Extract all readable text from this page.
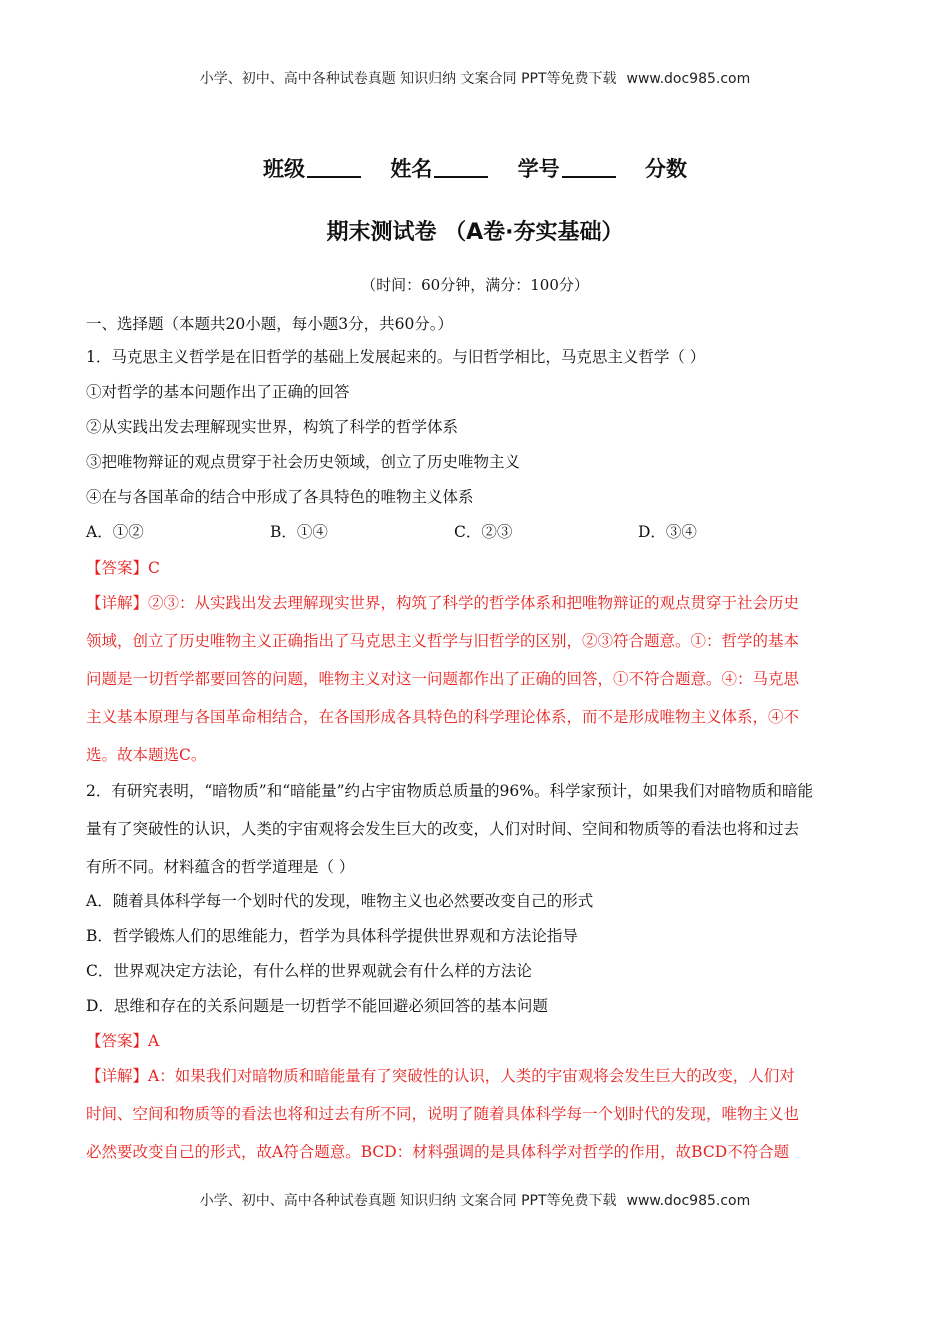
小学、初中、高中各种试卷真题 知识归纳 文案合同 PPT等免费下载 www.doc985.com
班级	姓名	学号	分数
期末测试卷 （A卷·夯实基础）
（时间：60分钟，满分：100分）
一、选择题（本题共20小题，每小题3分，共60分。）
1．马克思主义哲学是在旧哲学的基础上发展起来的。与旧哲学相比，马克思主义哲学（ ）
①对哲学的基本问题作出了正确的回答
②从实践出发去理解现实世界，构筑了科学的哲学体系
③把唯物辩证的观点贯穿于社会历史领域，创立了历史唯物主义
④在与各国革命的结合中形成了各具特色的唯物主义体系
A．①②	B．①④	C．②③	D．③④
【答案】C
【详解】②③：从实践出发去理解现实世界，构筑了科学的哲学体系和把唯物辩证的观点贯穿于社会历史
领域，创立了历史唯物主义正确指出了马克思主义哲学与旧哲学的区别，②③符合题意。①：哲学的基本
问题是一切哲学都要回答的问题，唯物主义对这一问题都作出了正确的回答，①不符合题意。④：马克思
主义基本原理与各国革命相结合，在各国形成各具特色的科学理论体系，而不是形成唯物主义体系，④不
选。故本题选C。
2．有研究表明，“暗物质”和“暗能量”约占宇宙物质总质量的96%。科学家预计，如果我们对暗物质和暗能
量有了突破性的认识，人类的宇宙观将会发生巨大的改变，人们对时间、空间和物质等的看法也将和过去
有所不同。材料蕴含的哲学道理是（ ）
A．随着具体科学每一个划时代的发现，唯物主义也必然要改变自己的形式
B．哲学锻炼人们的思维能力，哲学为具体科学提供世界观和方法论指导
C．世界观决定方法论，有什么样的世界观就会有什么样的方法论
D．思维和存在的关系问题是一切哲学不能回避必须回答的基本问题
【答案】A
【详解】A：如果我们对暗物质和暗能量有了突破性的认识，人类的宇宙观将会发生巨大的改变，人们对
时间、空间和物质等的看法也将和过去有所不同，说明了随着具体科学每一个划时代的发现，唯物主义也
必然要改变自己的形式，故A符合题意。BCD：材料强调的是具体科学对哲学的作用，故BCD不符合题
小学、初中、高中各种试卷真题 知识归纳 文案合同 PPT等免费下载 www.doc985.com
